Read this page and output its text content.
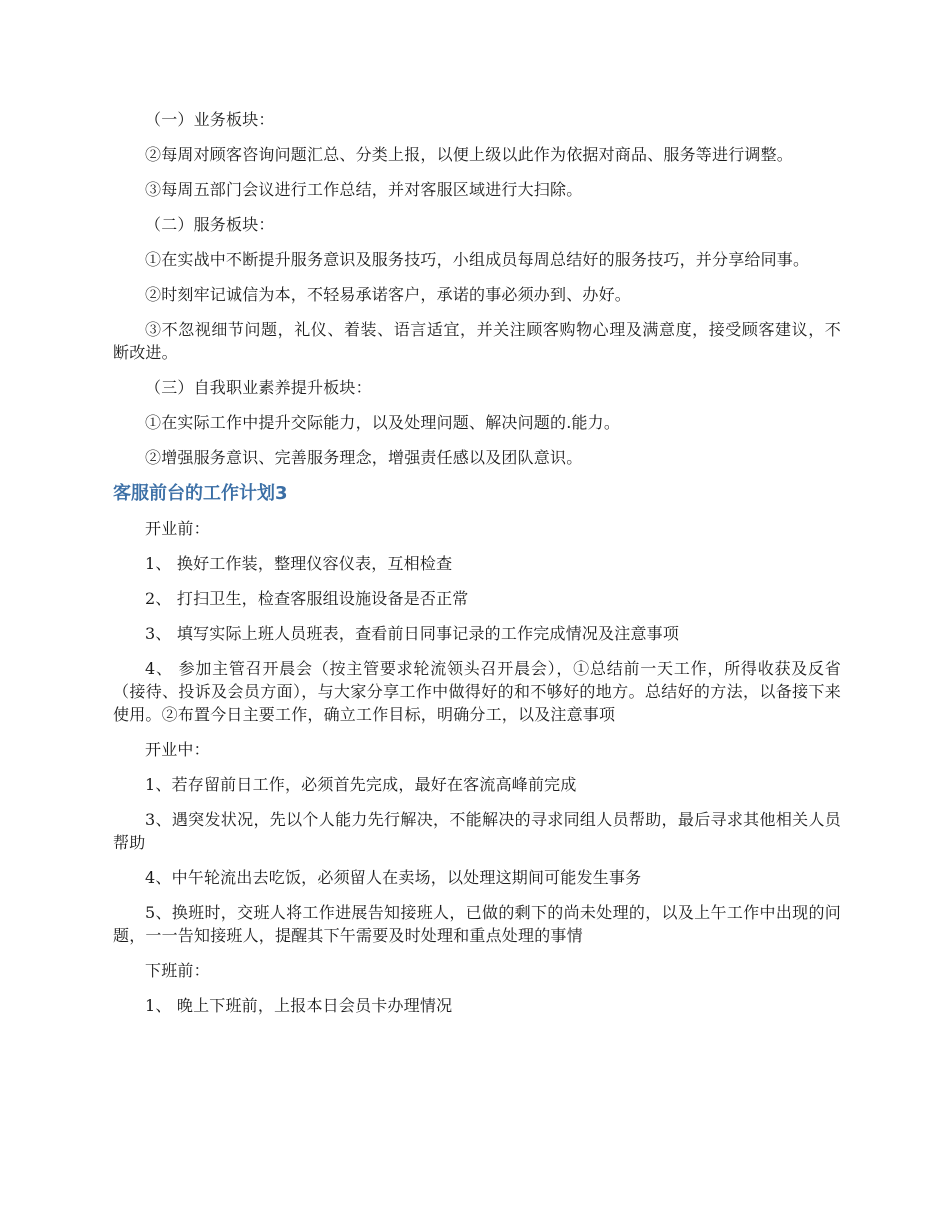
（一）业务板块：

②每周对顾客咨询问题汇总、分类上报，以便上级以此作为依据对商品、服务等进行调整。

③每周五部门会议进行工作总结，并对客服区域进行大扫除。

（二）服务板块：

①在实战中不断提升服务意识及服务技巧，小组成员每周总结好的服务技巧，并分享给同事。

②时刻牢记诚信为本，不轻易承诺客户，承诺的事必须办到、办好。

③不忽视细节问题，礼仪、着装、语言适宜，并关注顾客购物心理及满意度，接受顾客建议，不断改进。

（三）自我职业素养提升板块：

①在实际工作中提升交际能力，以及处理问题、解决问题的.能力。

②增强服务意识、完善服务理念，增强责任感以及团队意识。

客服前台的工作计划3

开业前：

1、 换好工作装，整理仪容仪表，互相检查

2、 打扫卫生，检查客服组设施设备是否正常

3、 填写实际上班人员班表，查看前日同事记录的工作完成情况及注意事项

4、 参加主管召开晨会（按主管要求轮流领头召开晨会），①总结前一天工作，所得收获及反省（接待、投诉及会员方面），与大家分享工作中做得好的和不够好的地方。总结好的方法，以备接下来使用。②布置今日主要工作，确立工作目标，明确分工，以及注意事项

开业中：

1、若存留前日工作，必须首先完成，最好在客流高峰前完成

3、遇突发状况，先以个人能力先行解决，不能解决的寻求同组人员帮助，最后寻求其他相关人员帮助

4、中午轮流出去吃饭，必须留人在卖场，以处理这期间可能发生事务

5、换班时，交班人将工作进展告知接班人，已做的剩下的尚未处理的，以及上午工作中出现的问题，一一告知接班人，提醒其下午需要及时处理和重点处理的事情

下班前：

1、 晚上下班前，上报本日会员卡办理情况
